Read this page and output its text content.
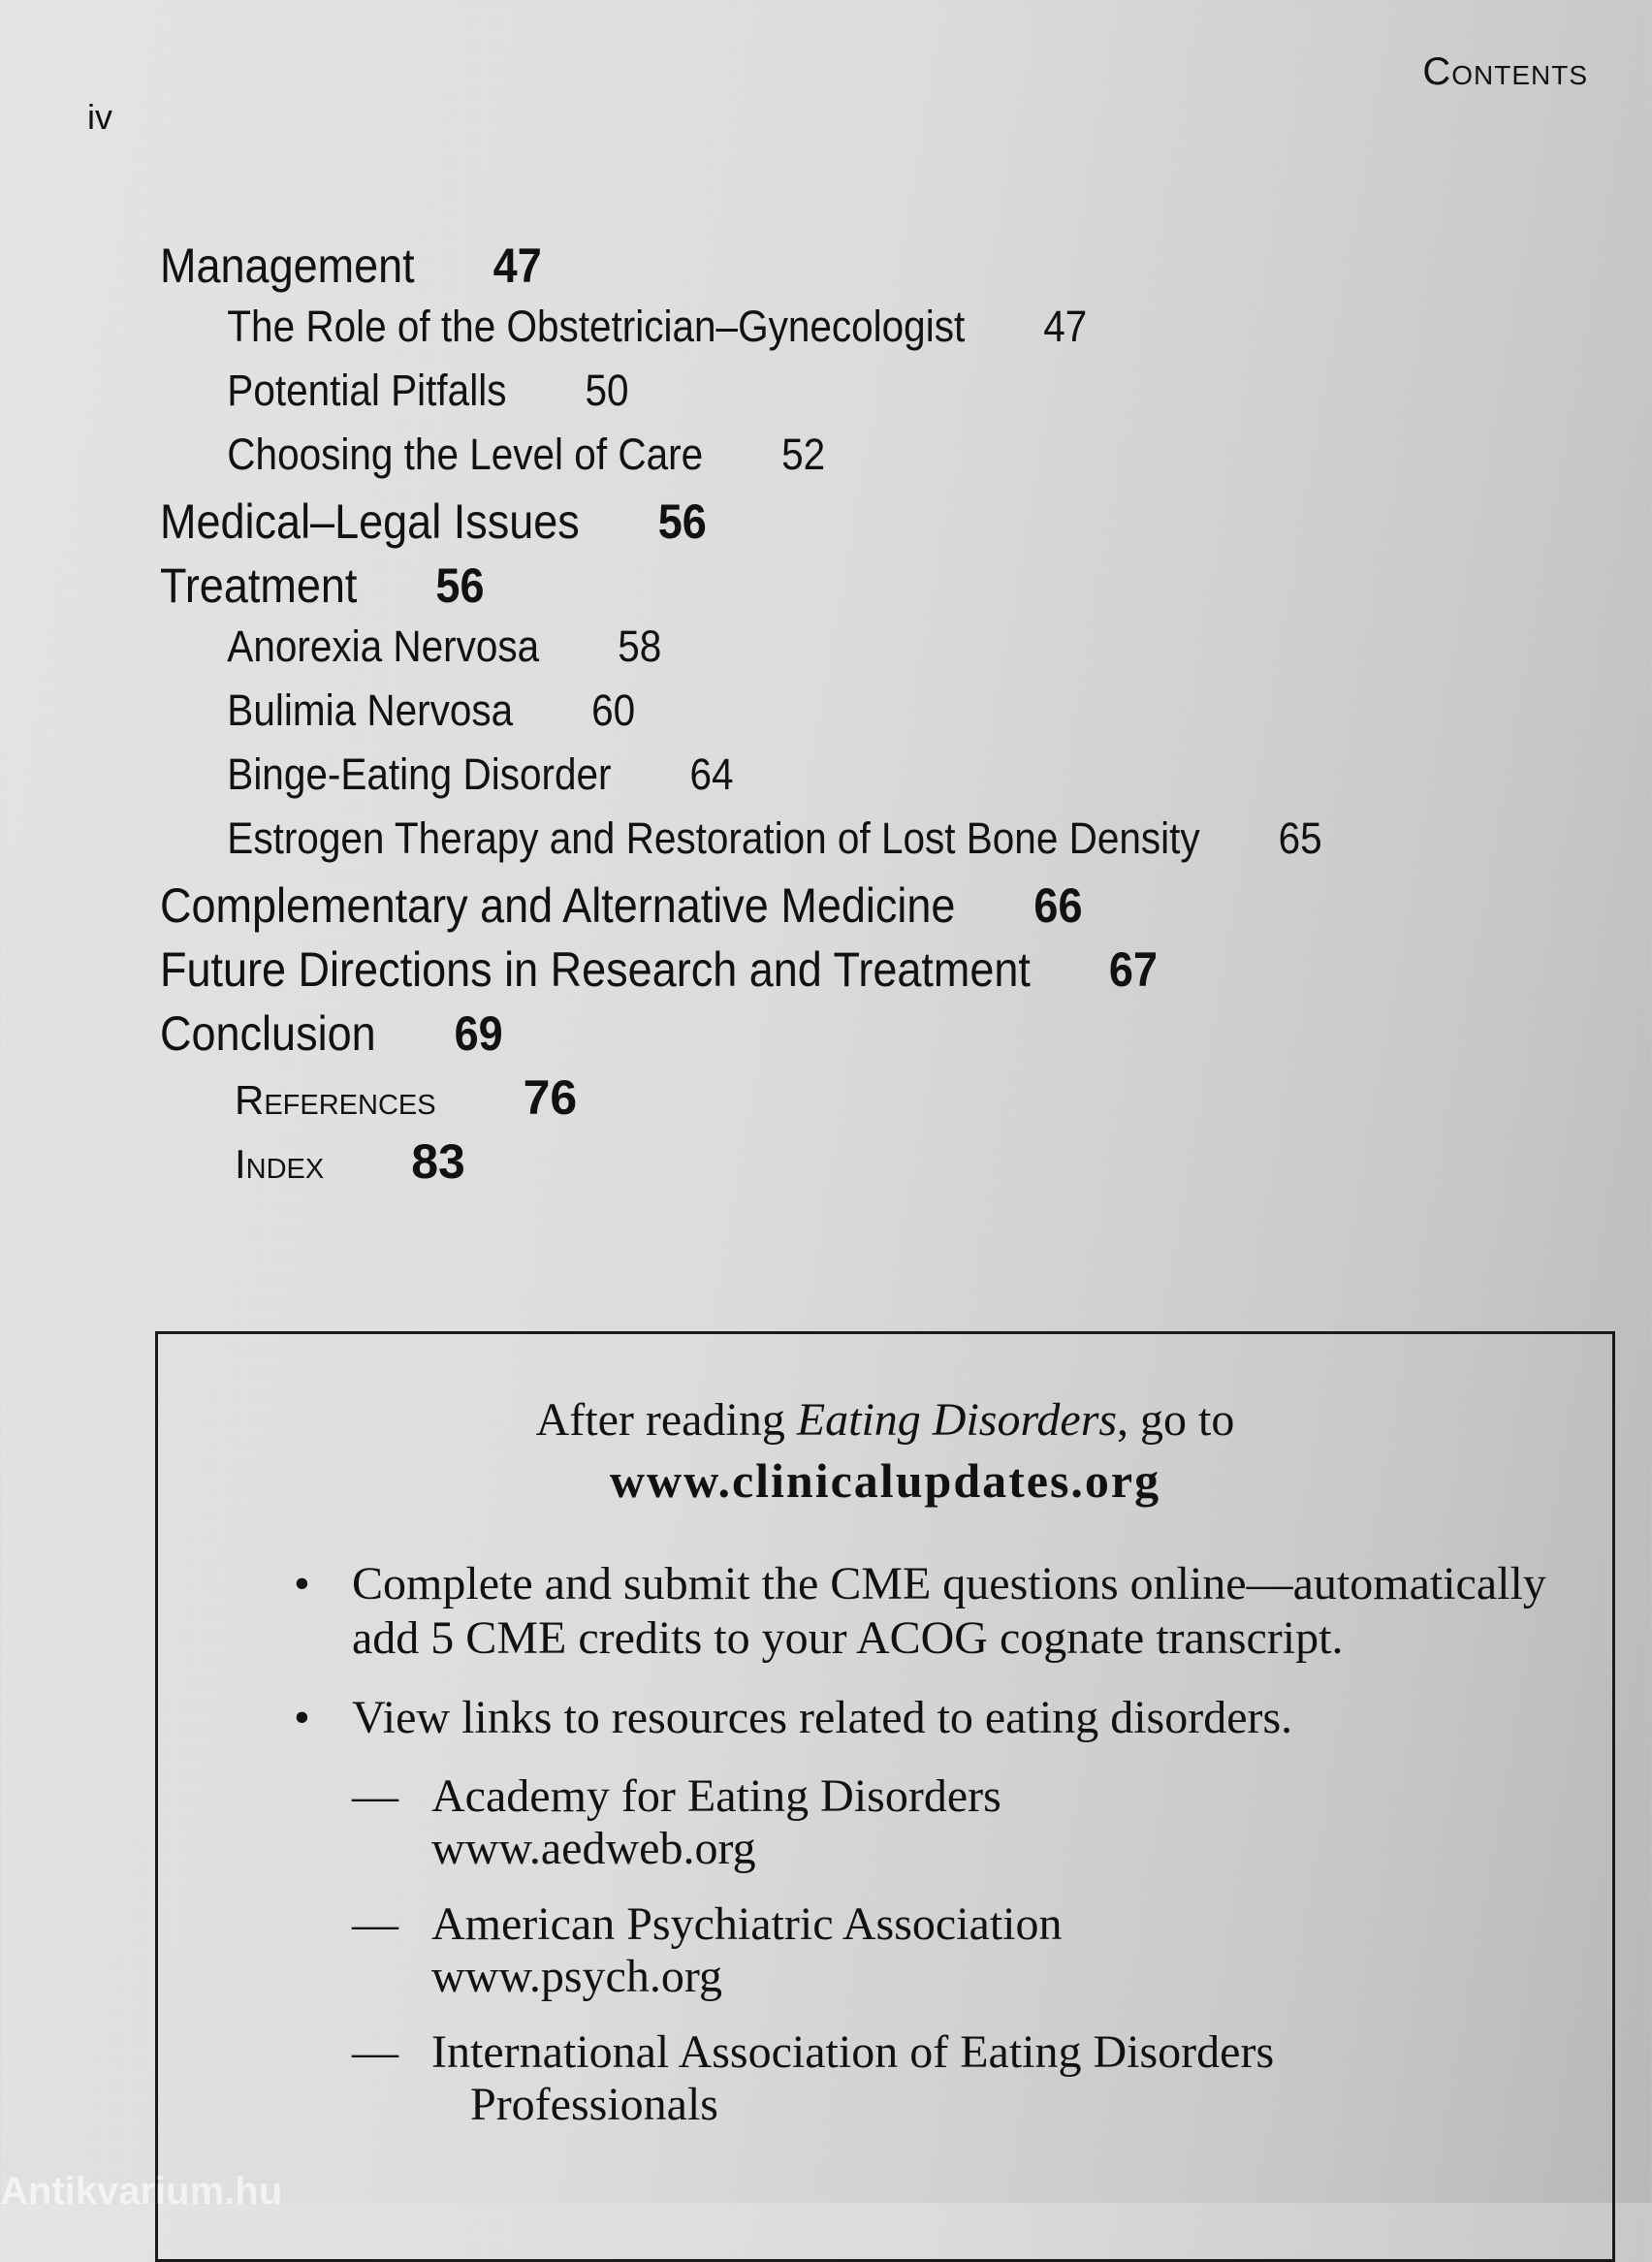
iv
Contents
Management 47
The Role of the Obstetrician–Gynecologist 47
Potential Pitfalls 50
Choosing the Level of Care 52
Medical–Legal Issues 56
Treatment 56
Anorexia Nervosa 58
Bulimia Nervosa 60
Binge-Eating Disorder 64
Estrogen Therapy and Restoration of Lost Bone Density 65
Complementary and Alternative Medicine 66
Future Directions in Research and Treatment 67
Conclusion 69
References 76
Index 83
After reading Eating Disorders, go to
www.clinicalupdates.org
• Complete and submit the CME questions online—automatically add 5 CME credits to your ACOG cognate transcript.
• View links to resources related to eating disorders.
— Academy for Eating Disorders
www.aedweb.org
— American Psychiatric Association
www.psych.org
— International Association of Eating Disorders
Professionals
Antikvarium.hu
